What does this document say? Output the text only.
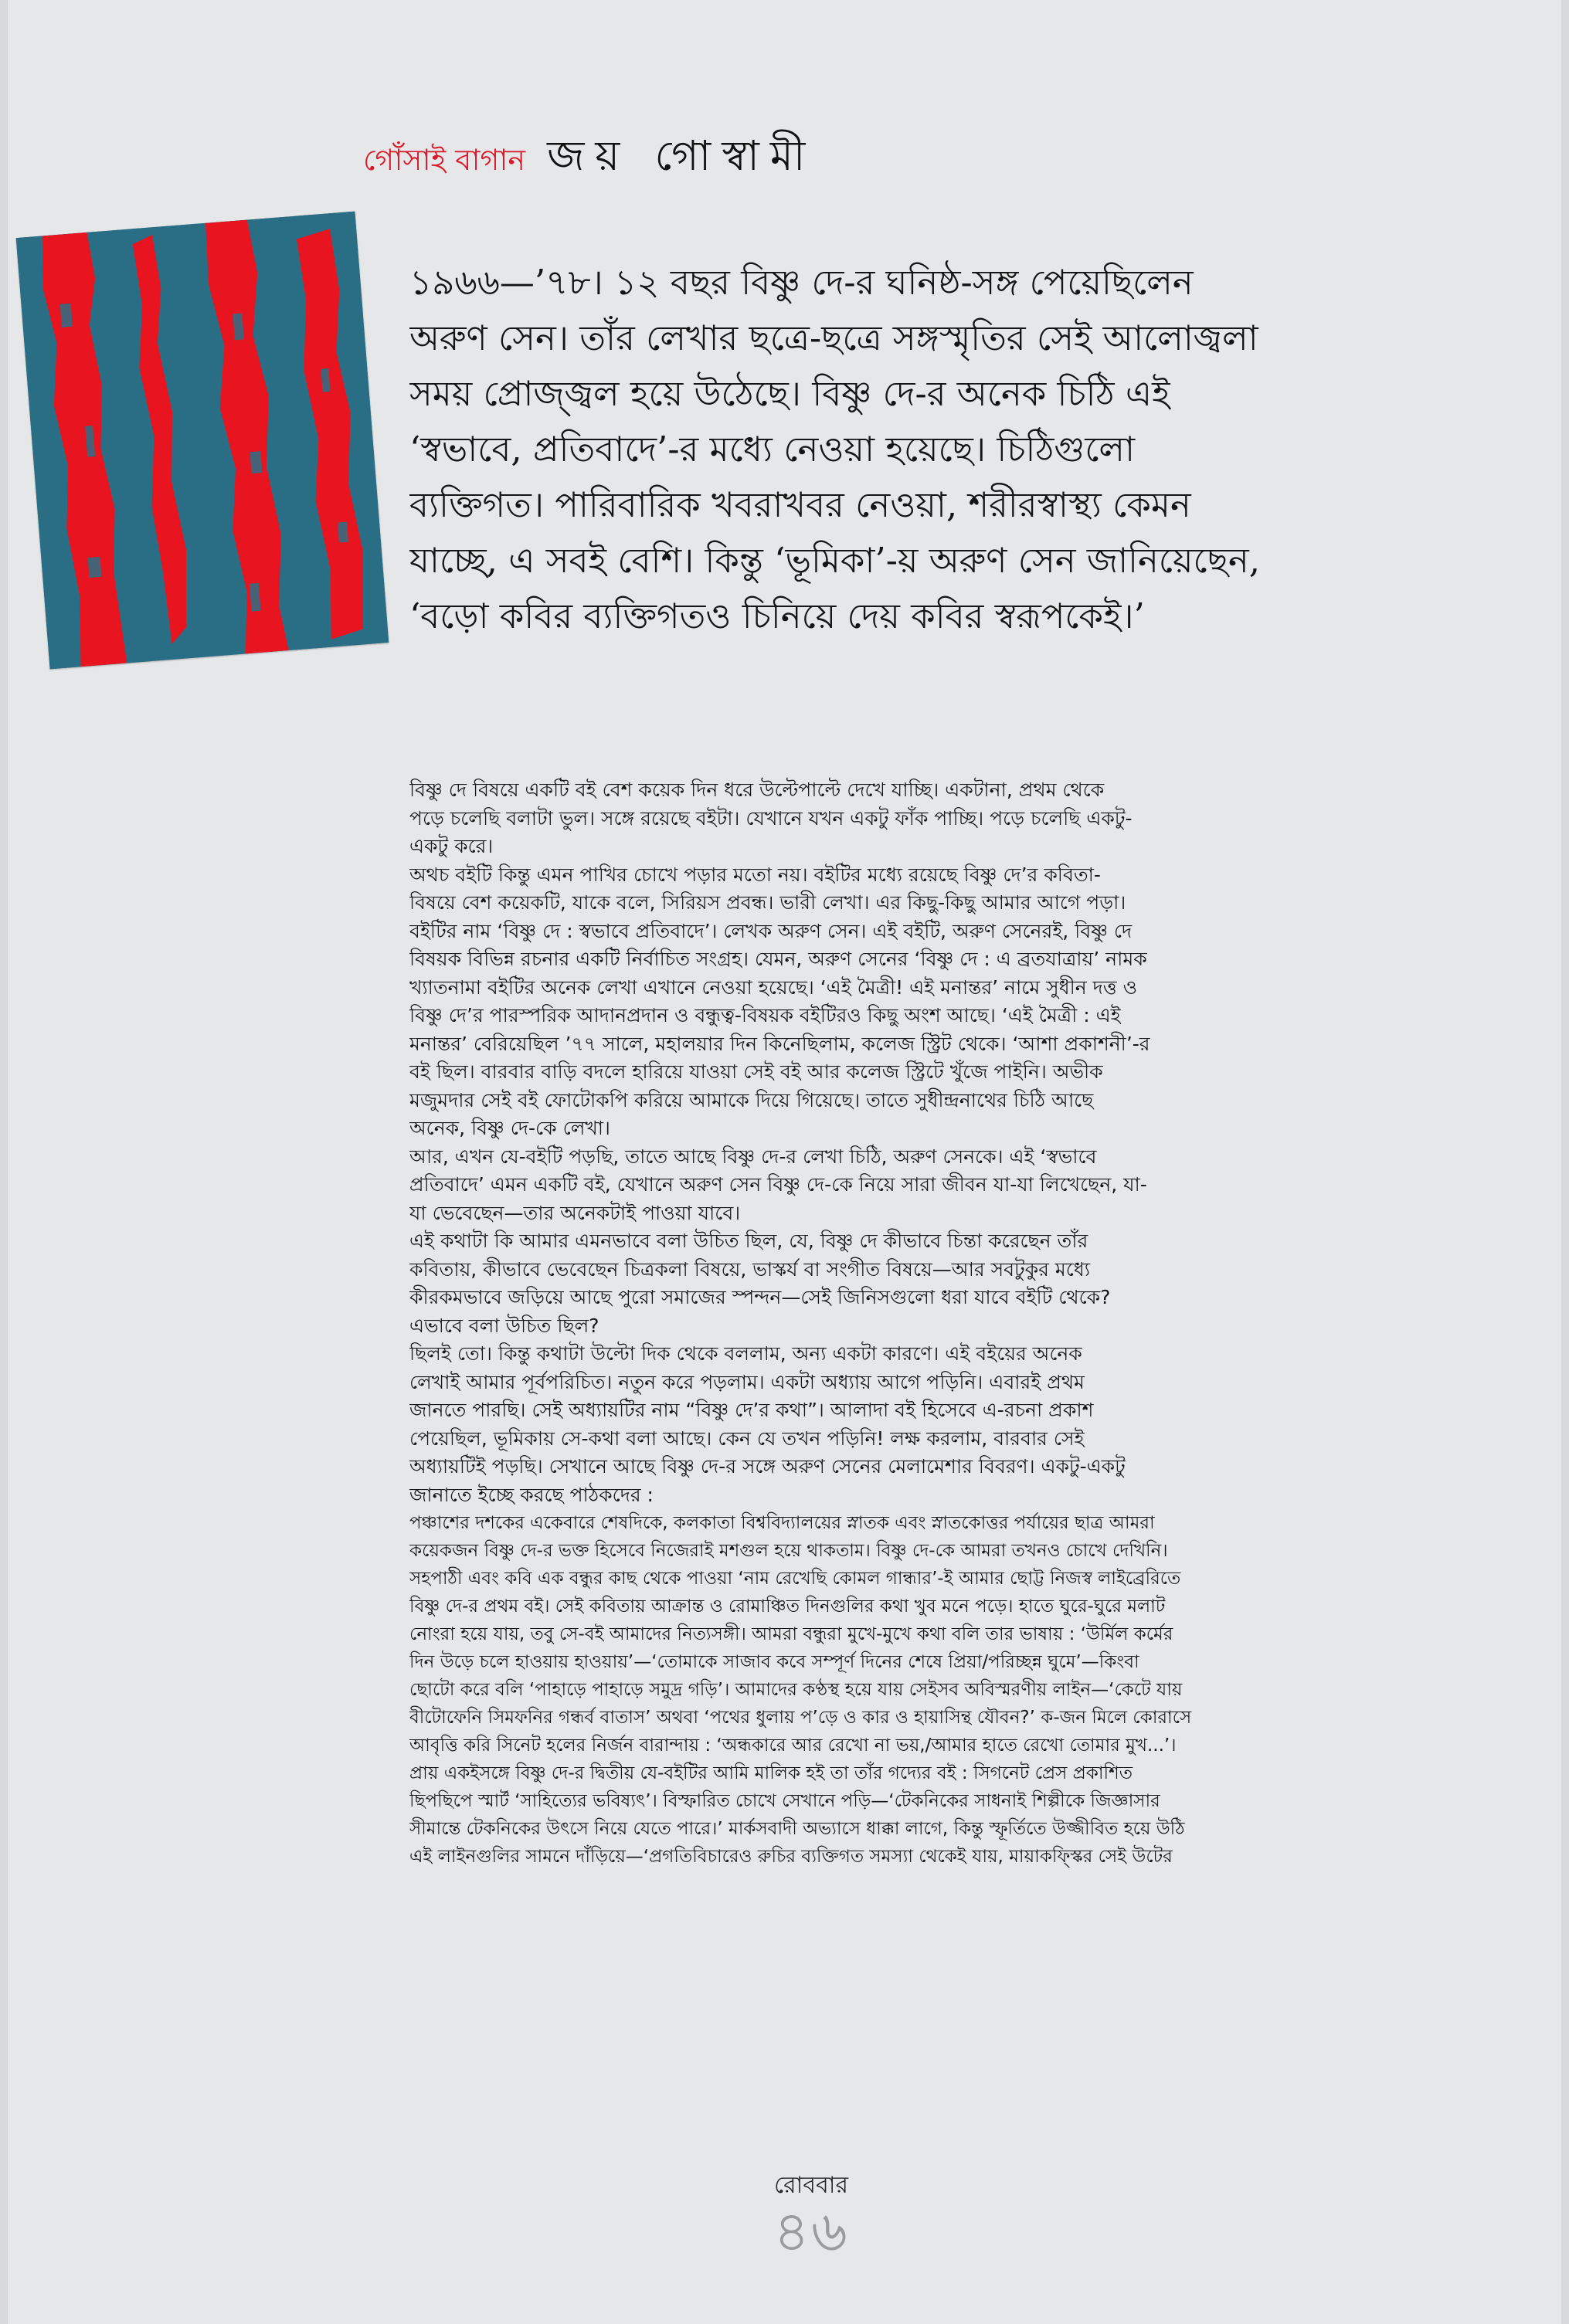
গোঁসাই বাগান জয় গোস্বামী
১৯৬৬—’৭৮। ১২ বছর বিষ্ণু দে-র ঘনিষ্ঠ-সঙ্গ পেয়েছিলেন
অরুণ সেন। তাঁর লেখার ছত্রে-ছত্রে সঙ্গস্মৃতির সেই আলোজ্বলা
সময় প্রোজ্জ্বল হয়ে উঠেছে। বিষ্ণু দে-র অনেক চিঠি এই
‘স্বভাবে, প্রতিবাদে’-র মধ্যে নেওয়া হয়েছে। চিঠিগুলো
ব্যক্তিগত। পারিবারিক খবরাখবর নেওয়া, শরীরস্বাস্থ্য কেমন
যাচ্ছে, এ সবই বেশি। কিন্তু ‘ভূমিকা’-য় অরুণ সেন জানিয়েছেন,
‘বড়ো কবির ব্যক্তিগতও চিনিয়ে দেয় কবির স্বরূপকেই।’
বিষ্ণু দে বিষয়ে একটি বই বেশ কয়েক দিন ধরে উল্টেপাল্টে দেখে যাচ্ছি। একটানা, প্রথম থেকে
পড়ে চলেছি বলাটা ভুল। সঙ্গে রয়েছে বইটা। যেখানে যখন একটু ফাঁক পাচ্ছি। পড়ে চলেছি একটু-
একটু করে।
অথচ বইটি কিন্তু এমন পাখির চোখে পড়ার মতো নয়। বইটির মধ্যে রয়েছে বিষ্ণু দে’র কবিতা-
বিষয়ে বেশ কয়েকটি, যাকে বলে, সিরিয়স প্রবন্ধ। ভারী লেখা। এর কিছু-কিছু আমার আগে পড়া।
বইটির নাম ‘বিষ্ণু দে : স্বভাবে প্রতিবাদে’। লেখক অরুণ সেন। এই বইটি, অরুণ সেনেরই, বিষ্ণু দে
বিষয়ক বিভিন্ন রচনার একটি নির্বাচিত সংগ্রহ। যেমন, অরুণ সেনের ‘বিষ্ণু দে : এ ব্রতযাত্রায়’ নামক
খ্যাতনামা বইটির অনেক লেখা এখানে নেওয়া হয়েছে। ‘এই মৈত্রী! এই মনান্তর’ নামে সুধীন দত্ত ও
বিষ্ণু দে’র পারস্পরিক আদানপ্রদান ও বন্ধুত্ব-বিষয়ক বইটিরও কিছু অংশ আছে। ‘এই মৈত্রী : এই
মনান্তর’ বেরিয়েছিল ’৭৭ সালে, মহালয়ার দিন কিনেছিলাম, কলেজ স্ট্রিট থেকে। ‘আশা প্রকাশনী’-র
বই ছিল। বারবার বাড়ি বদলে হারিয়ে যাওয়া সেই বই আর কলেজ স্ট্রিটে খুঁজে পাইনি। অভীক
মজুমদার সেই বই ফোটোকপি করিয়ে আমাকে দিয়ে গিয়েছে। তাতে সুধীন্দ্রনাথের চিঠি আছে
অনেক, বিষ্ণু দে-কে লেখা।
আর, এখন যে-বইটি পড়ছি, তাতে আছে বিষ্ণু দে-র লেখা চিঠি, অরুণ সেনকে। এই ‘স্বভাবে
প্রতিবাদে’ এমন একটি বই, যেখানে অরুণ সেন বিষ্ণু দে-কে নিয়ে সারা জীবন যা-যা লিখেছেন, যা-
যা ভেবেছেন—তার অনেকটাই পাওয়া যাবে।
এই কথাটা কি আমার এমনভাবে বলা উচিত ছিল, যে, বিষ্ণু দে কীভাবে চিন্তা করেছেন তাঁর
কবিতায়, কীভাবে ভেবেছেন চিত্রকলা বিষয়ে, ভাস্কর্য বা সংগীত বিষয়ে—আর সবটুকুর মধ্যে
কীরকমভাবে জড়িয়ে আছে পুরো সমাজের স্পন্দন—সেই জিনিসগুলো ধরা যাবে বইটি থেকে?
এভাবে বলা উচিত ছিল?
ছিলই তো। কিন্তু কথাটা উল্টো দিক থেকে বললাম, অন্য একটা কারণে। এই বইয়ের অনেক
লেখাই আমার পূর্বপরিচিত। নতুন করে পড়লাম। একটা অধ্যায় আগে পড়িনি। এবারই প্রথম
জানতে পারছি। সেই অধ্যায়টির নাম “বিষ্ণু দে’র কথা”। আলাদা বই হিসেবে এ-রচনা প্রকাশ
পেয়েছিল, ভূমিকায় সে-কথা বলা আছে। কেন যে তখন পড়িনি! লক্ষ করলাম, বারবার সেই
অধ্যায়টিই পড়ছি। সেখানে আছে বিষ্ণু দে-র সঙ্গে অরুণ সেনের মেলামেশার বিবরণ। একটু-একটু
জানাতে ইচ্ছে করছে পাঠকদের :
পঞ্চাশের দশকের একেবারে শেষদিকে, কলকাতা বিশ্ববিদ্যালয়ের স্নাতক এবং স্নাতকোত্তর পর্যায়ের ছাত্র আমরা
কয়েকজন বিষ্ণু দে-র ভক্ত হিসেবে নিজেরাই মশগুল হয়ে থাকতাম। বিষ্ণু দে-কে আমরা তখনও চোখে দেখিনি।
সহপাঠী এবং কবি এক বন্ধুর কাছ থেকে পাওয়া ‘নাম রেখেছি কোমল গান্ধার’-ই আমার ছোট্ট নিজস্ব লাইব্রেরিতে
বিষ্ণু দে-র প্রথম বই। সেই কবিতায় আক্রান্ত ও রোমাঞ্চিত দিনগুলির কথা খুব মনে পড়ে। হাতে ঘুরে-ঘুরে মলাট
নোংরা হয়ে যায়, তবু সে-বই আমাদের নিত্যসঙ্গী। আমরা বন্ধুরা মুখে-মুখে কথা বলি তার ভাষায় : ‘উর্মিল কর্মের
দিন উড়ে চলে হাওয়ায় হাওয়ায়’—‘তোমাকে সাজাব কবে সম্পূর্ণ দিনের শেষে প্রিয়া/পরিচ্ছন্ন ঘুমে’—কিংবা
ছোটো করে বলি ‘পাহাড়ে পাহাড়ে সমুদ্র গড়ি’। আমাদের কণ্ঠস্থ হয়ে যায় সেইসব অবিস্মরণীয় লাইন—‘কেটে যায়
বীটোফেনি সিমফনির গন্ধর্ব বাতাস’ অথবা ‘পথের ধুলায় প’ড়ে ও কার ও হায়াসিন্থ যৌবন?’ ক-জন মিলে কোরাসে
আবৃত্তি করি সিনেট হলের নির্জন বারান্দায় : ‘অন্ধকারে আর রেখো না ভয়,/আমার হাতে রেখো তোমার মুখ...’।
প্রায় একইসঙ্গে বিষ্ণু দে-র দ্বিতীয় যে-বইটির আমি মালিক হই তা তাঁর গদ্যের বই : সিগনেট প্রেস প্রকাশিত
ছিপছিপে স্মার্ট ‘সাহিত্যের ভবিষ্যৎ’। বিস্ফারিত চোখে সেখানে পড়ি—‘টেকনিকের সাধনাই শিল্পীকে জিজ্ঞাসার
সীমান্তে টেকনিকের উৎসে নিয়ে যেতে পারে।’ মার্কসবাদী অভ্যাসে ধাক্কা লাগে, কিন্তু স্ফূর্তিতে উজ্জীবিত হয়ে উঠি
এই লাইনগুলির সামনে দাঁড়িয়ে—‘প্রগতিবিচারেও রুচির ব্যক্তিগত সমস্যা থেকেই যায়, মায়াকফ্স্কির সেই উটের
রোববার
৪৬
